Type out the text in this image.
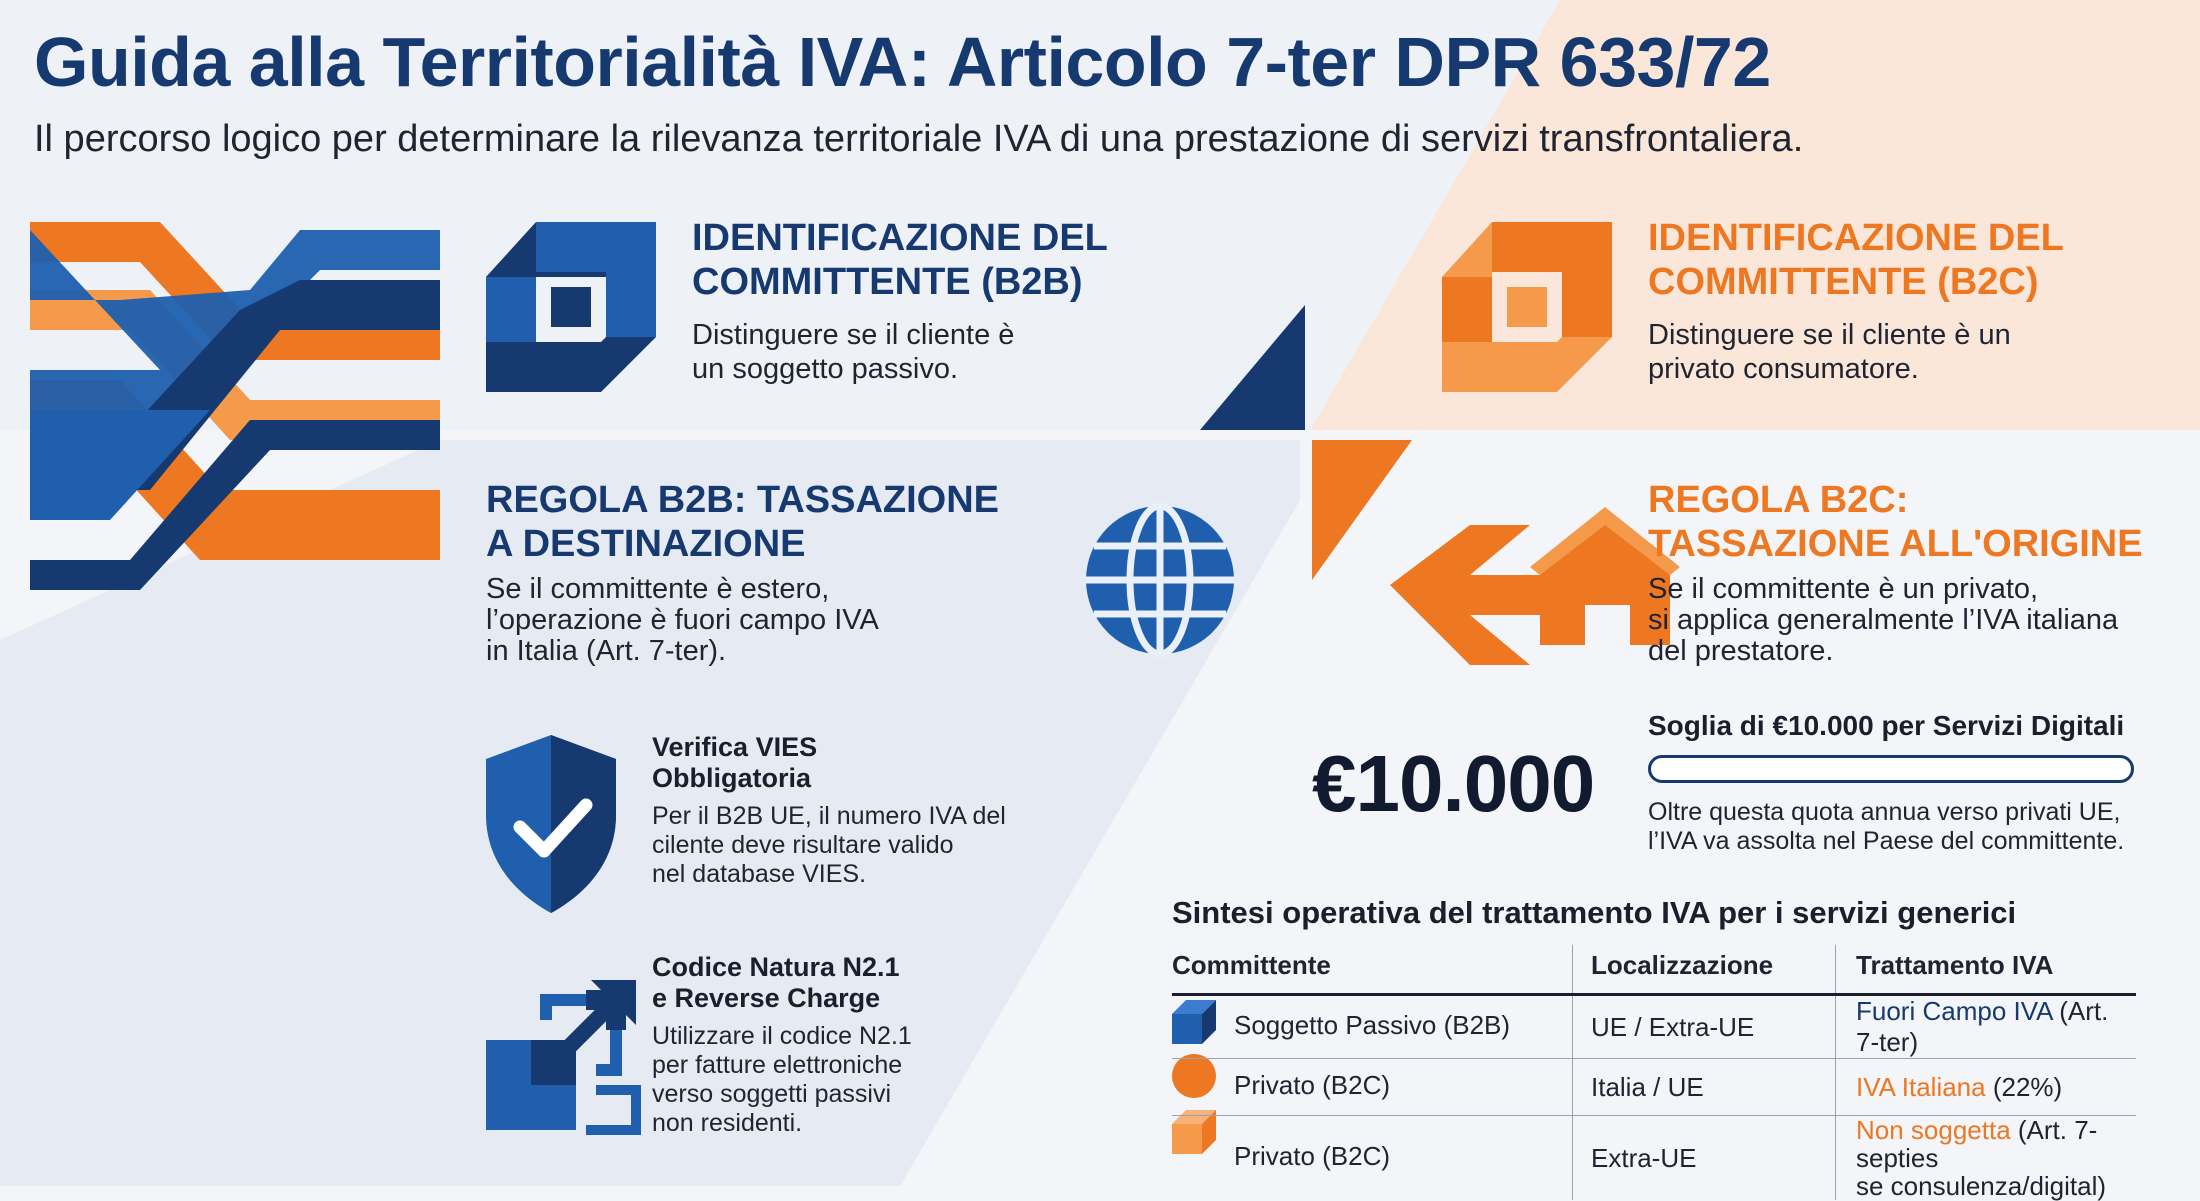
Guida alla Territorialità IVA: Articolo 7-ter DPR 633/72
Il percorso logico per determinare la rilevanza territoriale IVA di una prestazione di servizi transfrontaliera.
IDENTIFICAZIONE DEL
COMMITTENTE (B2B)
Distinguere se il cliente è
un soggetto passivo.
IDENTIFICAZIONE DEL
COMMITTENTE (B2C)
Distinguere se il cliente è un
privato consumatore.
REGOLA B2B: TASSAZIONE
A DESTINAZIONE
Se il committente è estero,
l’operazione è fuori campo IVA
in Italia (Art. 7-ter).
REGOLA B2C:
TASSAZIONE ALL'ORIGINE
Se il committente è un privato,
si applica generalmente l’IVA italiana
del prestatore.
Verifica VIES
Obbligatoria
Per il B2B UE, il numero IVA del
cilente deve risultare valido
nel database VIES.
Codice Natura N2.1
e Reverse Charge
Utilizzare il codice N2.1
per fatture elettroniche
verso soggetti passivi
non residenti.
€10.000
Soglia di €10.000 per Servizi Digitali
Oltre questa quota annua verso privati UE,
l’IVA va assolta nel Paese del committente.
Sintesi operativa del trattamento IVA per i servizi generici
Committente	Localizzazione	Trattamento IVA
Soggetto Passivo (B2B)	UE / Extra-UE	Fuori Campo IVA (Art. 7-ter)
Privato (B2C)	Italia / UE	IVA Italiana (22%)
Privato (B2C)	Extra-UE	Non soggetta (Art. 7-septies
se consulenza/digital)
